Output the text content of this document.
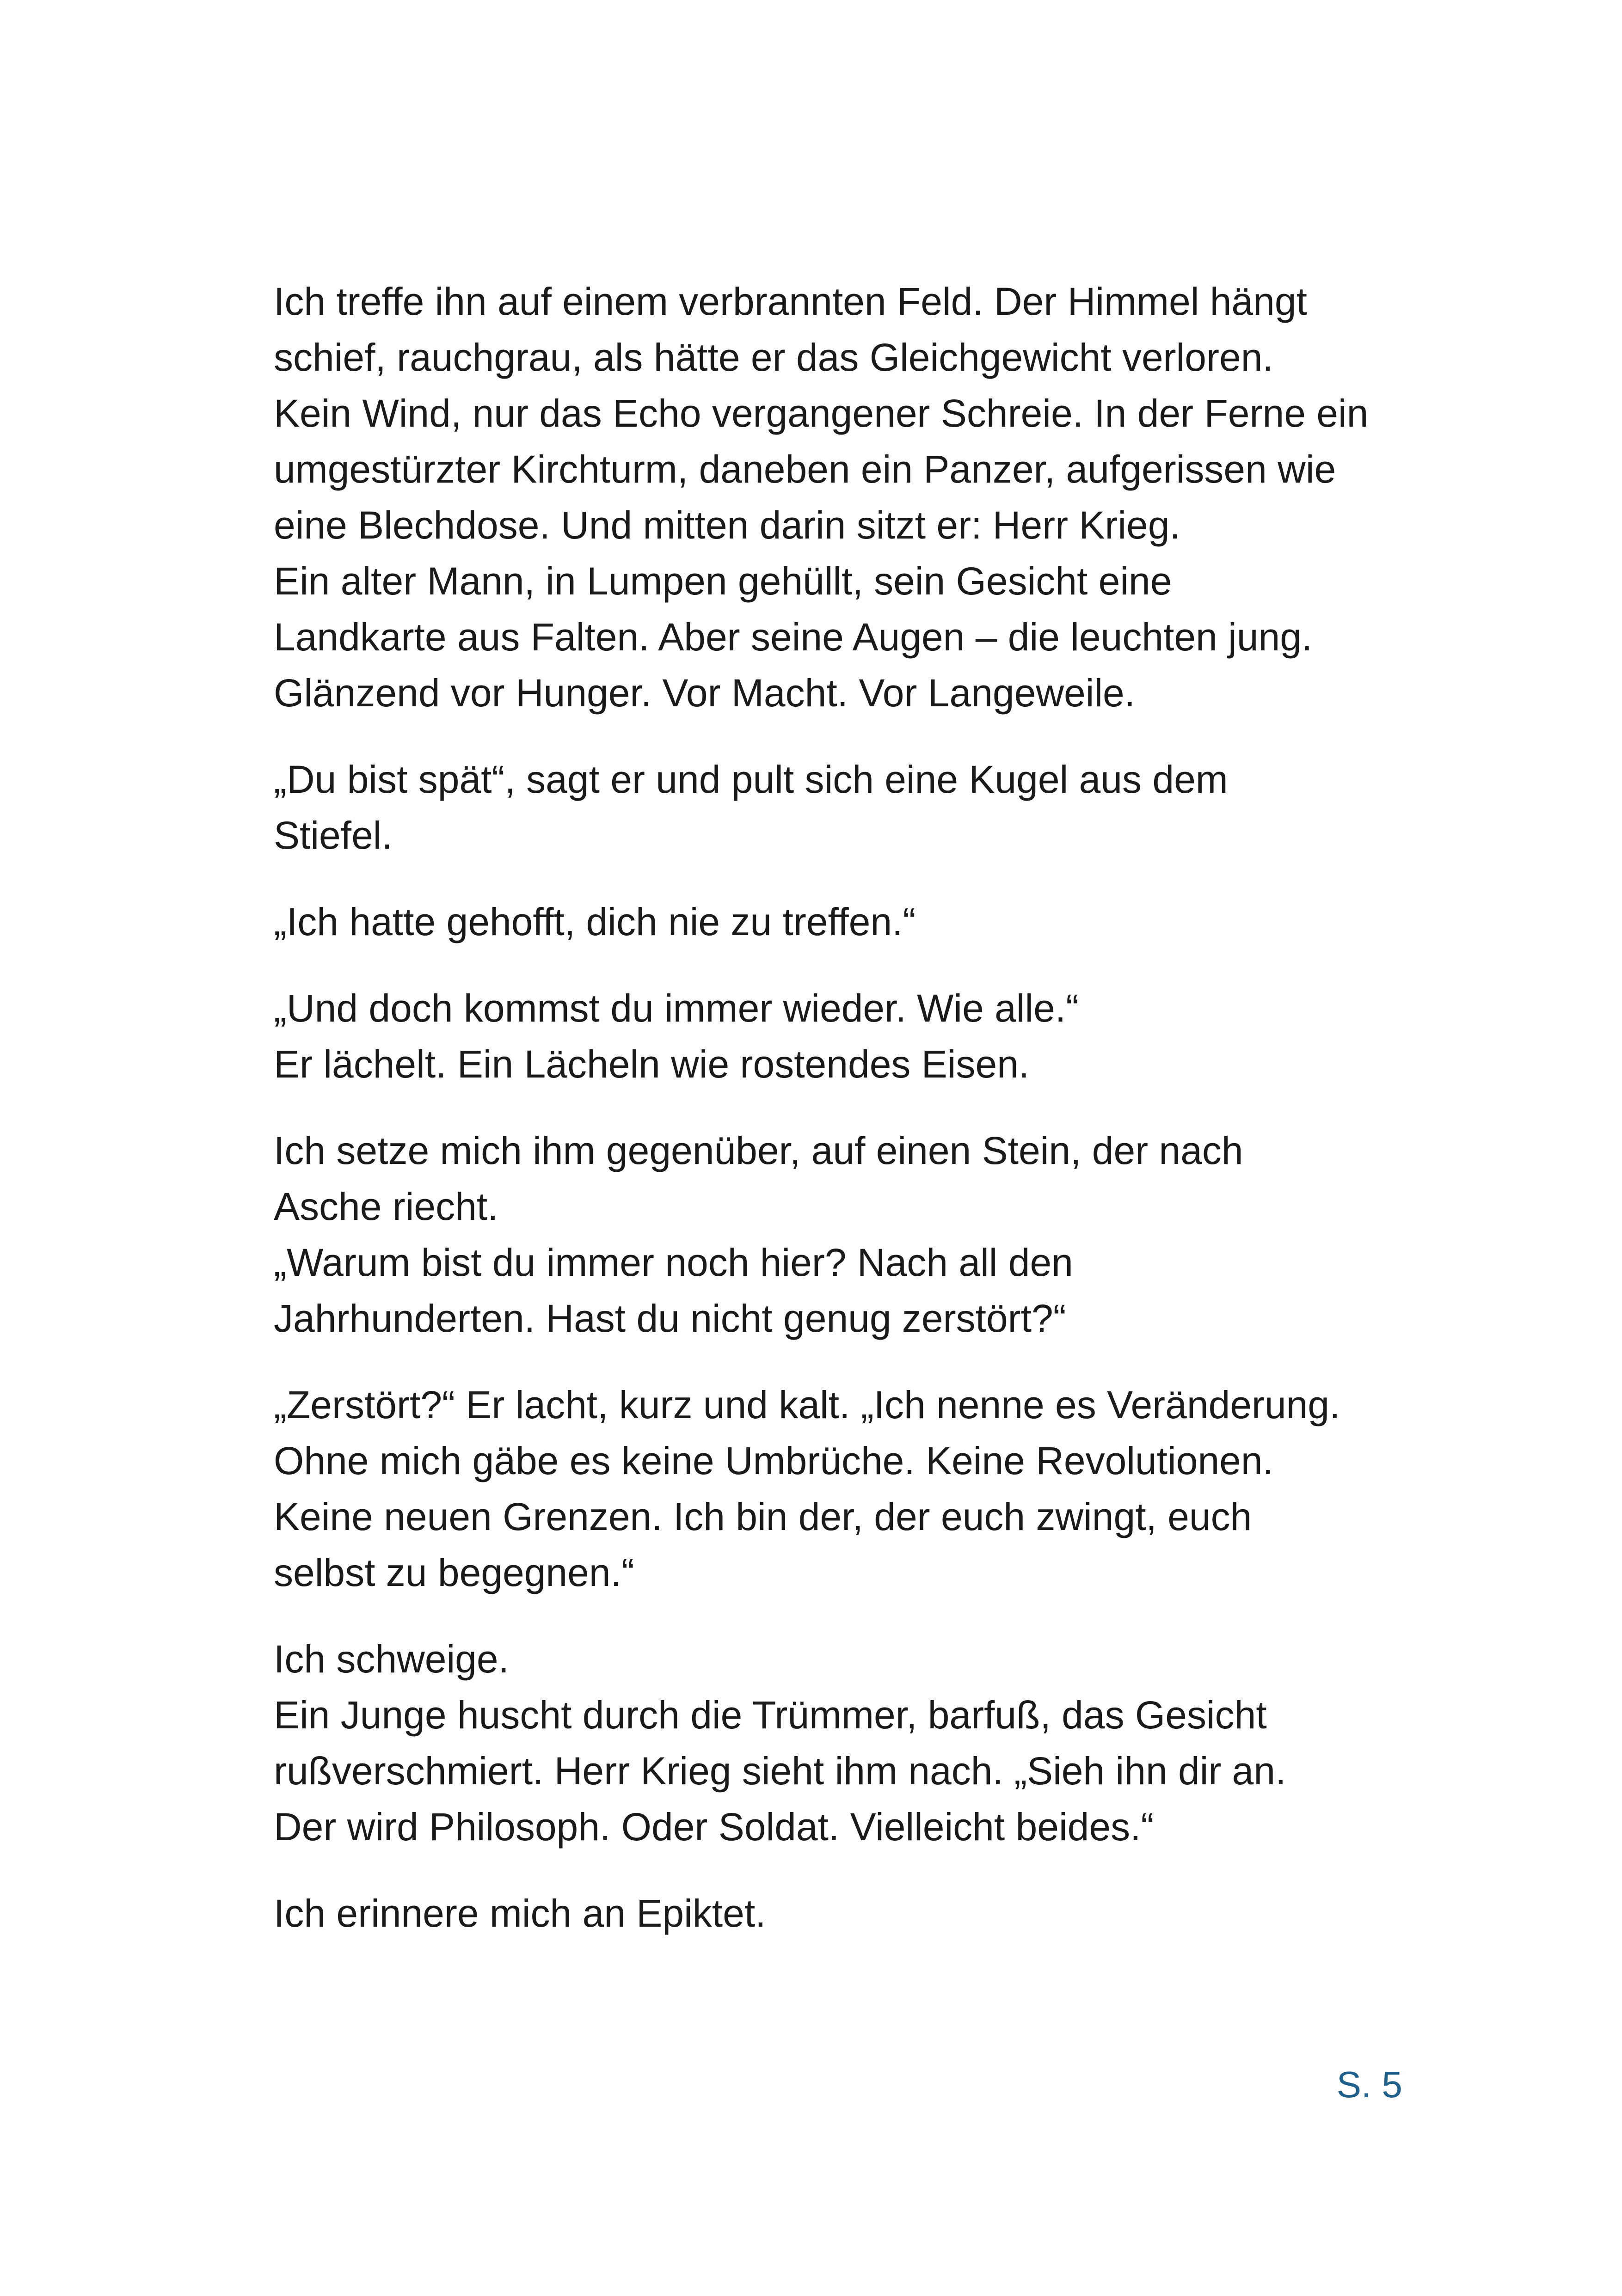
Ich treffe ihn auf einem verbrannten Feld. Der Himmel hängt
schief, rauchgrau, als hätte er das Gleichgewicht verloren.
Kein Wind, nur das Echo vergangener Schreie. In der Ferne ein
umgestürzter Kirchturm, daneben ein Panzer, aufgerissen wie
eine Blechdose. Und mitten darin sitzt er: Herr Krieg.
Ein alter Mann, in Lumpen gehüllt, sein Gesicht eine
Landkarte aus Falten. Aber seine Augen – die leuchten jung.
Glänzend vor Hunger. Vor Macht. Vor Langeweile.

„Du bist spät“, sagt er und pult sich eine Kugel aus dem
Stiefel.

„Ich hatte gehofft, dich nie zu treffen.“

„Und doch kommst du immer wieder. Wie alle.“
Er lächelt. Ein Lächeln wie rostendes Eisen.

Ich setze mich ihm gegenüber, auf einen Stein, der nach
Asche riecht.
„Warum bist du immer noch hier? Nach all den
Jahrhunderten. Hast du nicht genug zerstört?“

„Zerstört?“ Er lacht, kurz und kalt. „Ich nenne es Veränderung.
Ohne mich gäbe es keine Umbrüche. Keine Revolutionen.
Keine neuen Grenzen. Ich bin der, der euch zwingt, euch
selbst zu begegnen.“

Ich schweige.
Ein Junge huscht durch die Trümmer, barfuß, das Gesicht
rußverschmiert. Herr Krieg sieht ihm nach. „Sieh ihn dir an.
Der wird Philosoph. Oder Soldat. Vielleicht beides.“

Ich erinnere mich an Epiktet.

S. 5
